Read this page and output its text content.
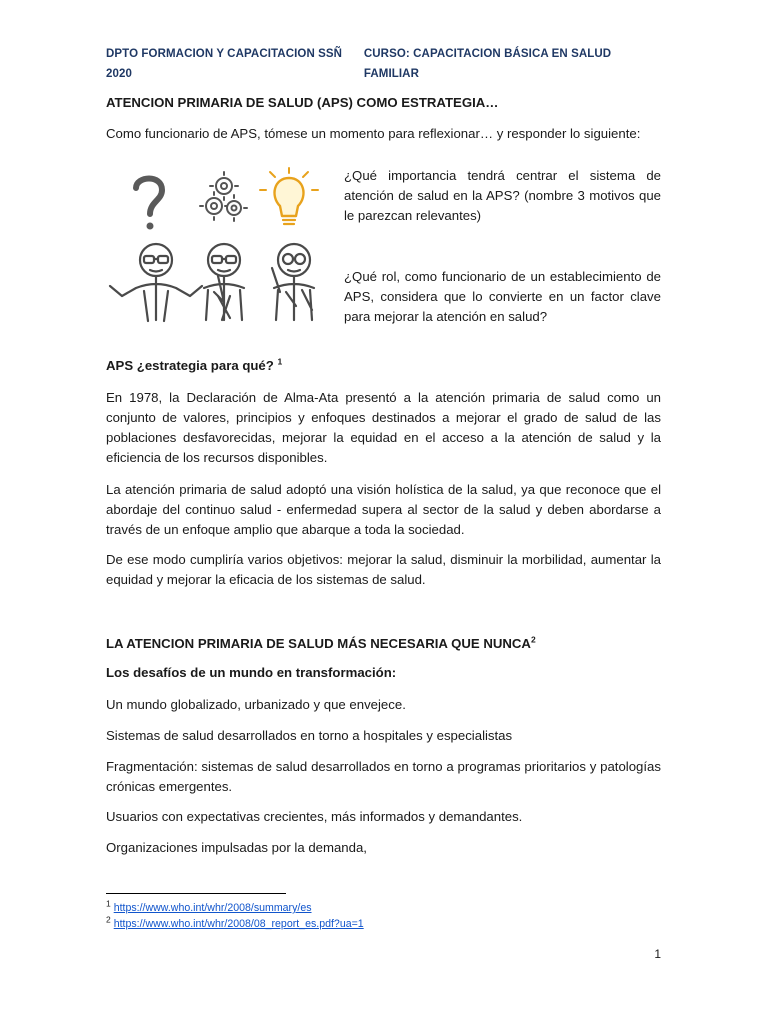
DPTO FORMACION Y CAPACITACION SSÑ 2020
CURSO: CAPACITACION BÁSICA EN SALUD FAMILIAR

ATENCION PRIMARIA DE SALUD (APS) COMO ESTRATEGIA…

Como funcionario de APS, tómese un momento para reflexionar… y responder lo siguiente:

¿Qué importancia tendrá centrar el sistema de atención de salud en la APS? (nombre 3 motivos que le parezcan relevantes)

¿Qué rol, como funcionario de un establecimiento de APS, considera que lo convierte en un factor clave para mejorar la atención en salud?

APS ¿estrategia para qué? $^1$

En 1978, la Declaración de Alma-Ata presentó a la atención primaria de salud como un conjunto de valores, principios y enfoques destinados a mejorar el grado de salud de las poblaciones desfavorecidas, mejorar la equidad en el acceso a la atención de salud y la eficiencia de los recursos disponibles.

La atención primaria de salud adoptó una visión holística de la salud, ya que reconoce que el abordaje del continuo salud - enfermedad supera al sector de la salud y deben abordarse a través de un enfoque amplio que abarque a toda la sociedad.

De ese modo cumpliría varios objetivos: mejorar la salud, disminuir la morbilidad, aumentar la equidad y mejorar la eficacia de los sistemas de salud.

LA ATENCION PRIMARIA DE SALUD MÁS NECESARIA QUE NUNCA$^2$

Los desafíos de un mundo en transformación:

Un mundo globalizado, urbanizado y que envejece.

Sistemas de salud desarrollados en torno a hospitales y especialistas

Fragmentación: sistemas de salud desarrollados en torno a programas prioritarios y patologías crónicas emergentes.

Usuarios con expectativas crecientes, más informados y demandantes.

Organizaciones impulsadas por la demanda,

$^1$ https://www.who.int/whr/2008/summary/es
$^2$ https://www.who.int/whr/2008/08_report_es.pdf?ua=1
1
